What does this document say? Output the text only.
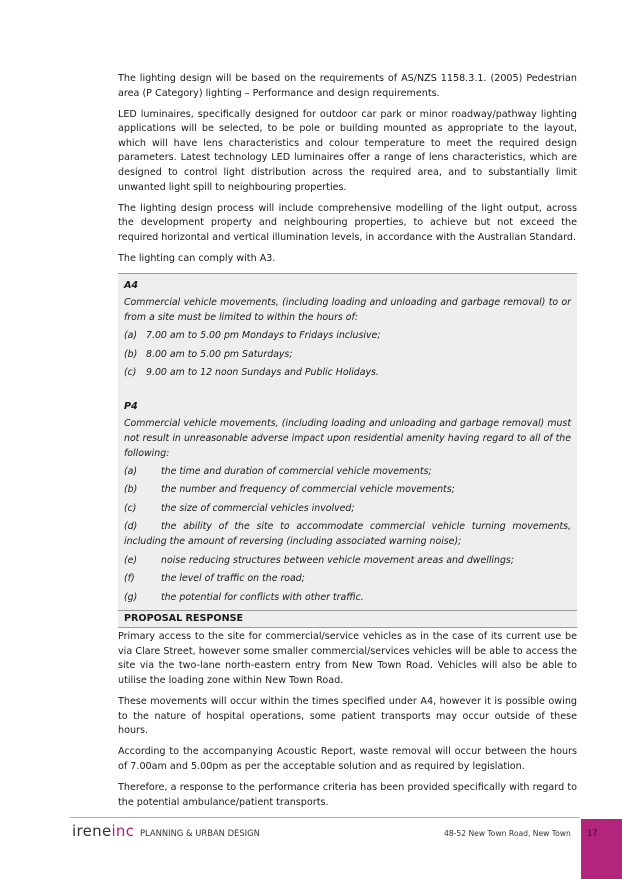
The lighting design will be based on the requirements of AS/NZS 1158.3.1. (2005) Pedestrian area (P Category) lighting – Performance and design requirements.

LED luminaires, specifically designed for outdoor car park or minor roadway/pathway lighting applications will be selected, to be pole or building mounted as appropriate to the layout, which will have lens characteristics and colour temperature to meet the required design parameters. Latest technology LED luminaires offer a range of lens characteristics, which are designed to control light distribution across the required area, and to substantially limit unwanted light spill to neighbouring properties.

The lighting design process will include comprehensive modelling of the light output, across the development property and neighbouring properties, to achieve but not exceed the required horizontal and vertical illumination levels, in accordance with the Australian Standard.

The lighting can comply with A3.

A4
Commercial vehicle movements, (including loading and unloading and garbage removal) to or from a site must be limited to within the hours of:
(a) 7.00 am to 5.00 pm Mondays to Fridays inclusive;
(b) 8.00 am to 5.00 pm Saturdays;
(c)	9.00 am to 12 noon Sundays and Public Holidays.
P4
Commercial vehicle movements, (including loading and unloading and garbage removal) must not result in unreasonable adverse impact upon residential amenity having regard to all of the following:
(a)	the time and duration of commercial vehicle movements;
(b)	the number and frequency of commercial vehicle movements;
(c)	the size of commercial vehicles involved;
(d)	the ability of the site to accommodate commercial vehicle turning movements, including the amount of reversing (including associated warning noise);
(e)	noise reducing structures between vehicle movement areas and dwellings;
(f)	the level of traffic on the road;
(g)	the potential for conflicts with other traffic.
PROPOSAL RESPONSE

Primary access to the site for commercial/service vehicles as in the case of its current use be via Clare Street, however some smaller commercial/services vehicles will be able to access the site via the two-lane north-eastern entry from New Town Road. Vehicles will also be able to utilise the loading zone within New Town Road.

These movements will occur within the times specified under A4, however it is possible owing to the nature of hospital operations, some patient transports may occur outside of these hours.

According to the accompanying Acoustic Report, waste removal will occur between the hours of 7.00am and 5.00pm as per the acceptable solution and as required by legislation.

Therefore, a response to the performance criteria has been provided specifically with regard to the potential ambulance/patient transports.

ireneinc PLANNING & URBAN DESIGN	48-52 New Town Road, New Town 17
